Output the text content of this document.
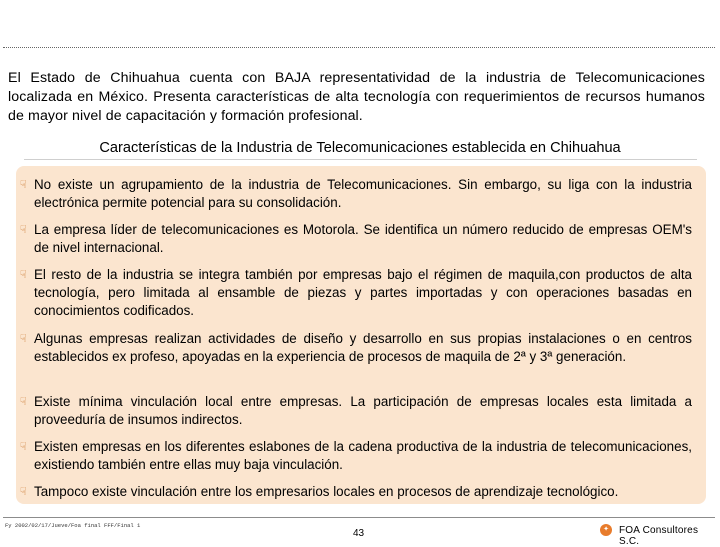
El Estado de Chihuahua cuenta con BAJA representatividad de la industria de Telecomunicaciones localizada en México. Presenta características de alta tecnología con requerimientos de recursos humanos de mayor nivel de capacitación y formación profesional.

Características de la Industria de Telecomunicaciones establecida en Chihuahua
☟ No existe un agrupamiento de la industria de Telecomunicaciones. Sin embargo, su liga con la industria electrónica permite potencial para su consolidación.
☟ La empresa líder de telecomunicaciones es Motorola. Se identifica un número reducido de empresas OEM's de nivel internacional.
☟ El resto de la industria se integra también por empresas bajo el régimen de maquila,con productos de alta tecnología, pero limitada al ensamble de piezas y partes importadas y con operaciones basadas en conocimientos codificados.
☟ Algunas empresas realizan actividades de diseño y desarrollo en sus propias instalaciones o en centros establecidos ex profeso, apoyadas en la experiencia de procesos de maquila de 2ª y 3ª generación.
☟ Existe mínima vinculación local entre empresas. La participación de empresas locales esta limitada a proveeduría de insumos indirectos.
☟ Existen empresas en los diferentes eslabones de la cadena productiva de la industria de telecomunicaciones, existiendo también entre ellas muy baja vinculación.
☟ Tampoco existe vinculación entre los empresarios locales en procesos de aprendizaje tecnológico.
Fy 2002/02/17/Jueve/Foa final FFF/Final 1
43	✦	FOA Consultores S.C.
